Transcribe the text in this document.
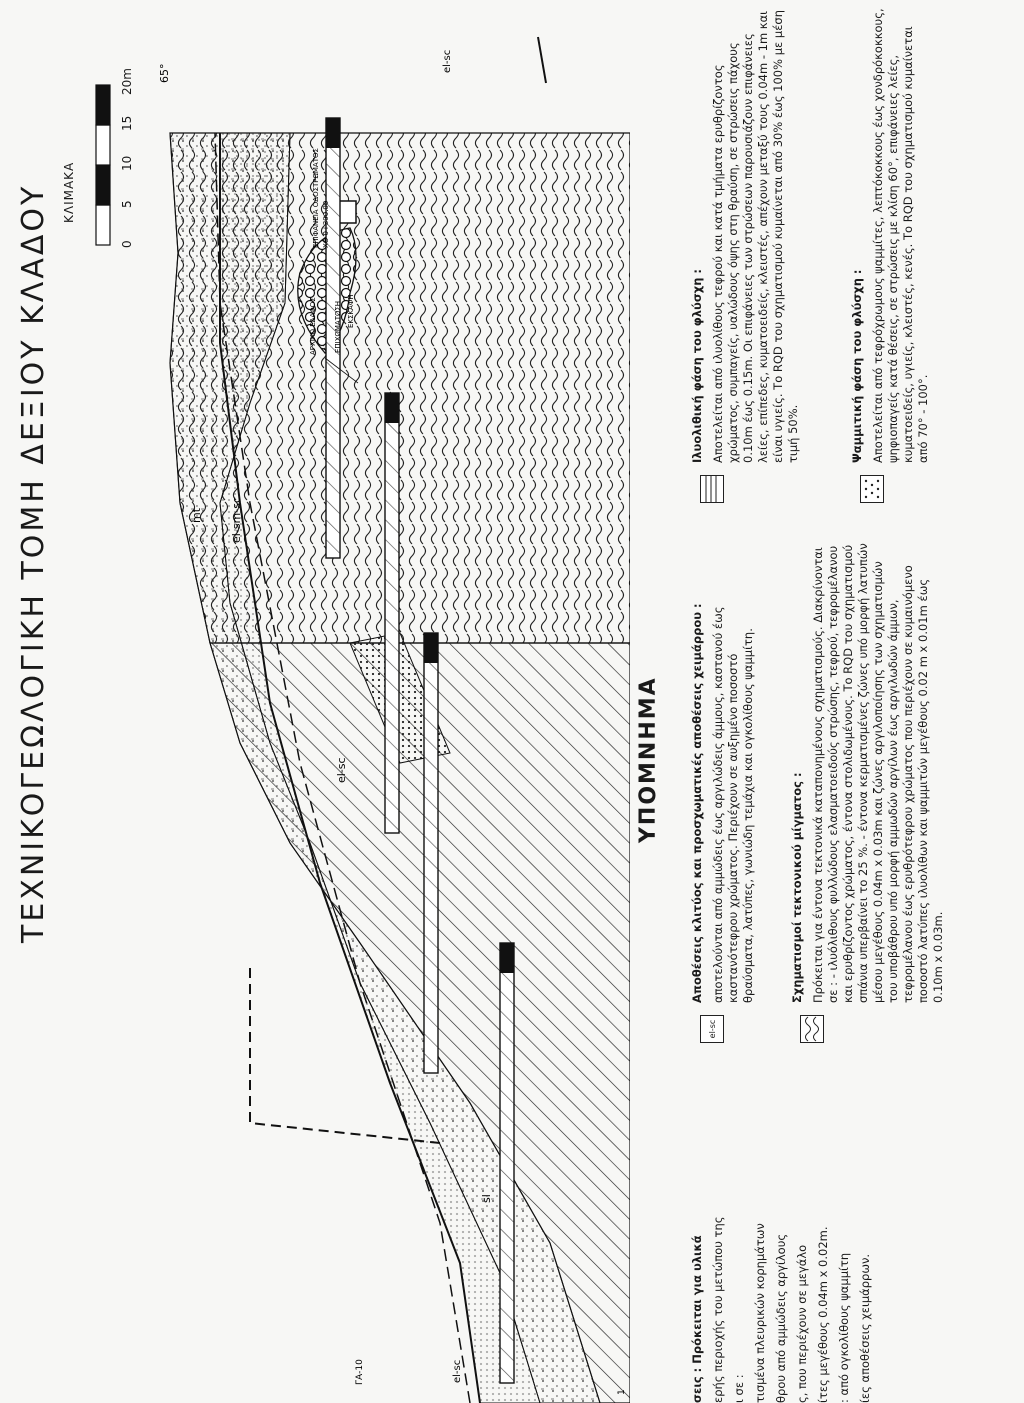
ΤΕΧΝΙΚΟΓΕΩΛΟΓΙΚΗ ΤΟΜΗ ΔΕΞΙΟΥ ΚΛΑΔΟΥ ΚΛΙΜΑΚΑ
0
5
10
15
20m 65°
el-sc
el-sc
el-sc
mt el-sm-sc
sl
ΓΑ-10
1
ΑΡΧΙΚΟ ΕΔΑΦΟΣ ΕΠΙΧΩΜΑΤΩΣΗ ΕΚΣΚΑΦΗ
ΕΠΙΦΑΝΕΙΑ ΟΔΟΣΤΡΩΜΑΤΟΣ ΧΘ 0+300.00
ΥΠΟΜΝΗΜΑ

σεις : Πρόκειται για υλικά ερής περιοχής του μετώπου της ι σε : τισμένα πλευρικών κορημάτων θρου από αμμώδεις αργίλους ς, που περιέχουν σε μεγάλο ίτες μεγέθους 0.04m x 0.02m. : από ογκολίθους ψαμμίτη ίες αποθέσεις χειμάρρων.

el-sc

Αποθέσεις κλιτύος και προσχωματικές αποθέσεις χειμάρρου : αποτελούνται από αμμώδεις έως αργιλώδεις άμμους, καστανού έως καστανότεφρου χρώματος. Περιέχουν σε αυξημένο ποσοστό θραύσματα, λατύπες, γωνιώδη τεμάχια και ογκολίθους ψαμμίτη.	Σχηματισμοί τεκτονικού μίγματος : Πρόκειται για έντονα τεκτονικά καταπονημένους σχηματισμούς. Διακρίνονται σε : - ιλυόλιθους φυλλώδους ελασματοειδούς στρώσης, τεφρού, τεφρομέλανου και ερυθρίζοντος χρώματος, έντονα στολιδωμένους. Το RQD του σχηματισμού σπάνια υπερβαίνει το 25 %. - έντονα κερματισμένες ζώνες υπό μορφή λατυπών μέσου μεγέθους 0.04m x 0.03m και ζώνες αργιλοποίησης των σχηματισμών του υποβάθρου υπό μορφή αμμωδών αργίλων έως αργιλωδών άμμων, τεφρομέλανου έως ερυθρότεφρου χρώματος που περιέχουν σε κυμαινόμενο ποσοστό λατύπες ιλυολίθων και ψαμμιτών μεγέθους 0.02 m x 0.01m έως 0.10m x 0.03m.

Ιλυολιθική φάση του φλύσχη : Αποτελείται από ιλυολίθους τεφρού και κατά τμήματα ερυθρίζοντος χρώματος, συμπαγείς, υαλώδους όψης στη θραύση, σε στρώσεις πάχους 0.10m έως 0.15m. Οι επιφάνειες των στρώσεων παρουσιάζουν επιφάνειες λείες, επίπεδες, κυματοειδείς, κλειστές, απέχουν μεταξύ τους 0.04m - 1m και είναι υγιείς. Το RQD του σχηματισμού κυμαίνεται από 30% έως 100% με μέση τιμή 50%.	Ψαμμιτική φάση του φλύσχη : Αποτελείται από τεφρόχρωμους ψαμμίτες, λεπτόκοκκους έως χονδρόκοκκους, ψηφιοπαγείς κατά θέσεις, σε στρώσεις με κλίση 60°, επιφάνειες λείες, κυματοειδείς, υγιείς, κλειστές, κενές. Το RQD του σχηματισμού κυμαίνεται από 70° - 100°.
